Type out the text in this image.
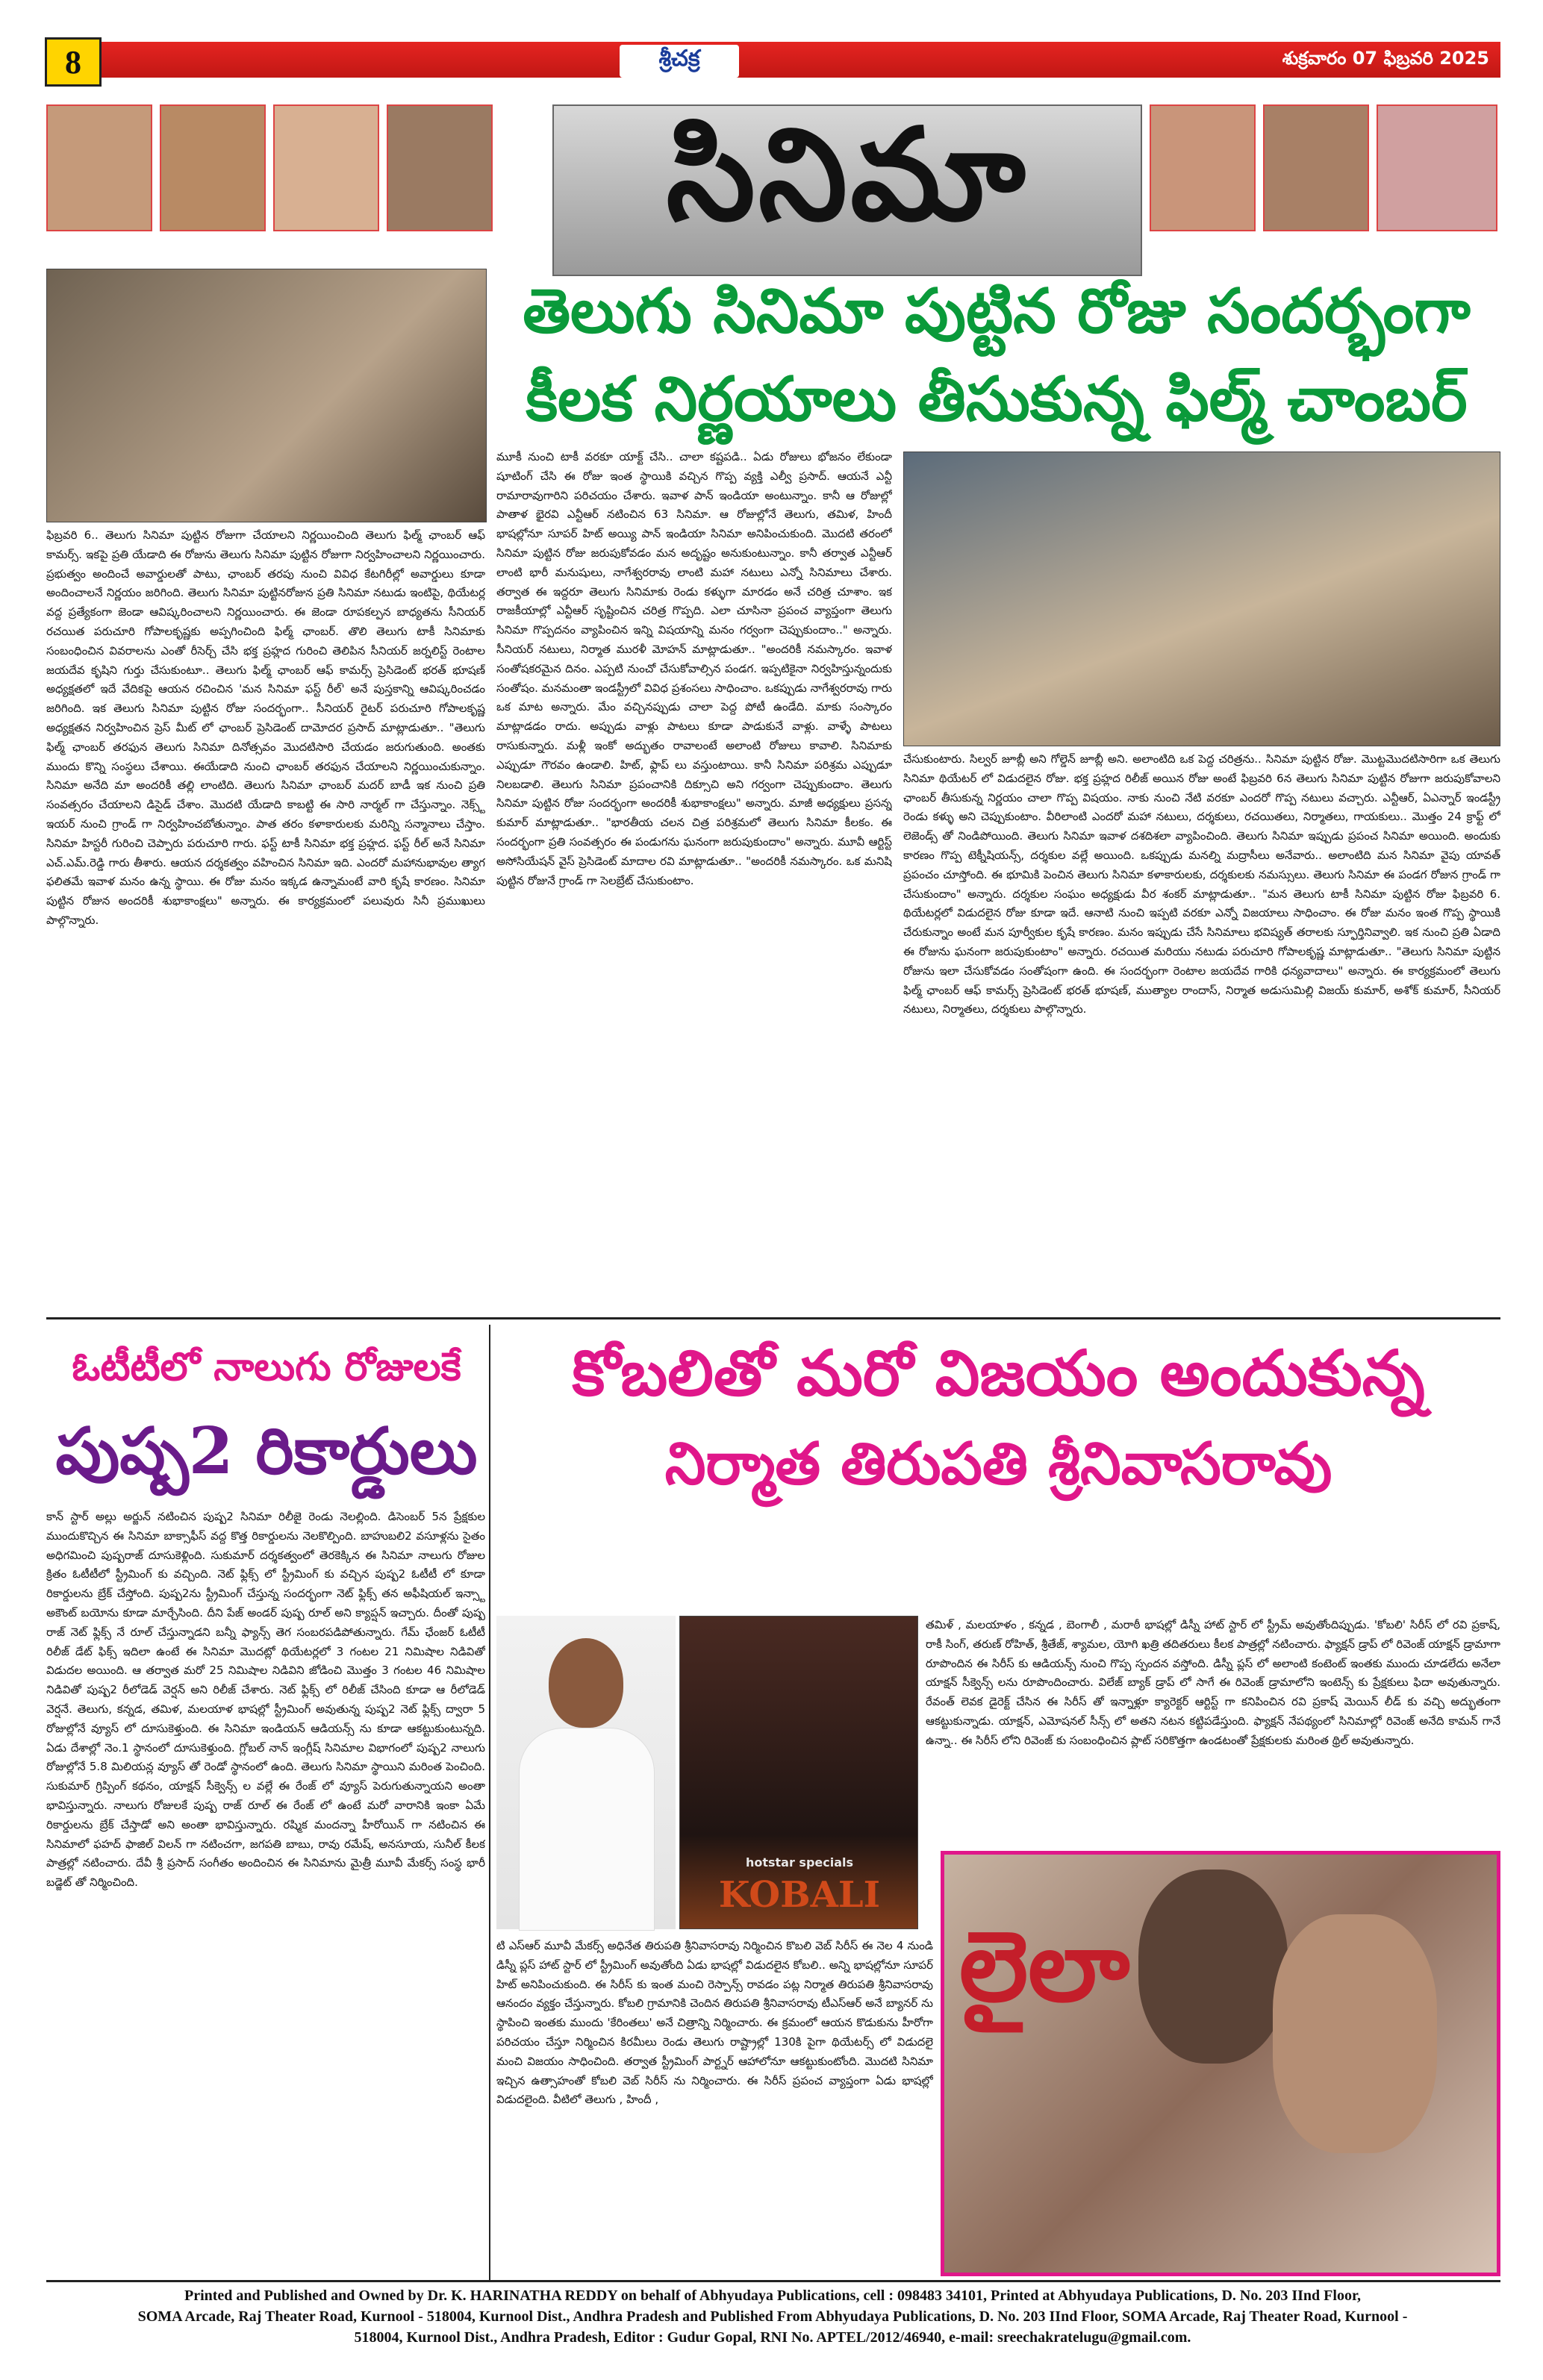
8	శ్రీచక్ర	శుక్రవారం 07 ఫిబ్రవరి 2025
సినిమా
తెలుగు సినిమా పుట్టిన రోజు సందర్భంగా
కీలక నిర్ణయాలు తీసుకున్న ఫిల్మ్ చాంబర్
ఫిబ్రవరి 6.. తెలుగు సినిమా పుట్టిన రోజుగా చేయాలని నిర్ణయించింది తెలుగు ఫిల్మ్ ఛాంబర్ ఆఫ్ కామర్స్. ఇకపై ప్రతి యేడాది ఈ రోజును తెలుగు సినిమా పుట్టిన రోజుగా నిర్వహించాలని నిర్ణయించారు. ప్రభుత్వం అందించే అవార్డులతో పాటు, ఛాంబర్ తరపు నుంచి వివిధ కేటగిరీల్లో అవార్డులు కూడా అందించాలనే నిర్ణయం జరిగింది. తెలుగు సినిమా పుట్టినరోజున ప్రతి సినిమా నటుడు ఇంటిపై, థియేటర్ల వద్ద ప్రత్యేకంగా జెండా ఆవిష్కరించాలని నిర్ణయించారు. ఈ జెండా రూపకల్పన బాధ్యతను సీనియర్ రచయిత పరుచూరి గోపాలకృష్ణకు అప్పగించింది ఫిల్మ్ ఛాంబర్. తొలి తెలుగు టాకీ సినిమాకు సంబంధించిన వివరాలను ఎంతో రీసెర్చ్ చేసి భక్త ప్రహ్లద గురించి తెలిపిన సీనియర్ జర్నలిస్ట్ రెంటాల జయదేవ కృషిని గుర్తు చేసుకుంటూ.. తెలుగు ఫిల్మ్ ఛాంబర్ ఆఫ్ కామర్స్ ప్రెసిడెంట్ భరత్ భూషణ్ అధ్యక్షతలో ఇదే వేదికపై ఆయన రచించిన 'మన సినిమా ఫస్ట్ రీల్' అనే పుస్తకాన్ని ఆవిష్కరించడం జరిగింది. ఇక తెలుగు సినిమా పుట్టిన రోజు సందర్భంగా.. సీనియర్ రైటర్ పరుచూరి గోపాలకృష్ణ అధ్యక్షతన నిర్వహించిన ప్రెస్ మీట్ లో ఛాంబర్ ప్రెసిడెంట్ దామోదర ప్రసాద్ మాట్లాడుతూ.. "తెలుగు ఫిల్మ్ ఛాంబర్ తరఫున తెలుగు సినిమా దినోత్సవం మొదటిసారి చేయడం జరుగుతుంది. అంతకు ముందు కొన్ని సంస్థలు చేశాయి. ఈయేడాది నుంచి ఛాంబర్ తరఫున చేయాలని నిర్ణయించుకున్నాం. సినిమా అనేది మా అందరికీ తల్లి లాంటిది. తెలుగు సినిమా ఛాంబర్ మదర్ బాడీ ఇక నుంచి ప్రతి సంవత్సరం చేయాలని డిసైడ్ చేశాం. మొదటి యేడాది కాబట్టి ఈ సారి నార్మల్ గా చేస్తున్నాం. నెక్స్ట్ ఇయర్ నుంచి గ్రాండ్ గా నిర్వహించబోతున్నాం. పాత తరం కళాకారులకు మరిన్ని సన్మానాలు చేస్తాం. సినిమా హిస్టరీ గురించి చెప్పారు పరుచూరి గారు. ఫస్ట్ టాకీ సినిమా భక్త ప్రహ్లద. ఫస్ట్ రీల్ అనే సినిమా ఎచ్.ఎమ్.రెడ్డి గారు తీశారు. ఆయన దర్శకత్వం వహించిన సినిమా ఇది. ఎందరో మహానుభావుల త్యాగ ఫలితమే ఇవాళ మనం ఉన్న స్థాయి. ఈ రోజు మనం ఇక్కడ ఉన్నామంటే వారి కృషే కారణం. సినిమా పుట్టిన రోజున అందరికీ శుభాకాంక్షలు" అన్నారు. ఈ కార్యక్రమంలో పలువురు సినీ ప్రముఖులు పాల్గొన్నారు.
మూకీ నుంచి టాకీ వరకూ యాక్ట్ చేసి.. చాలా కష్టపడి.. ఏడు రోజులు భోజనం లేకుండా షూటింగ్ చేసి ఈ రోజు ఇంత స్థాయికి వచ్చిన గొప్ప వ్యక్తి ఎల్వీ ప్రసాద్. ఆయనే ఎన్టీ రామారావుగారిని పరిచయం చేశారు. ఇవాళ పాన్ ఇండియా అంటున్నాం. కానీ ఆ రోజుల్లో పాతాళ భైరవి ఎన్టీఆర్ నటించిన 63 సినిమా. ఆ రోజుల్లోనే తెలుగు, తమిళ, హిందీ భాషల్లోనూ సూపర్ హిట్ అయ్యి పాన్ ఇండియా సినిమా అనిపించుకుంది. మొదటి తరంలో సినిమా పుట్టిన రోజు జరుపుకోవడం మన అదృష్టం అనుకుంటున్నాం. కానీ తర్వాత ఎన్టీఆర్ లాంటి భారీ మనుషులు, నాగేశ్వరరావు లాంటి మహా నటులు ఎన్నో సినిమాలు చేశారు. తర్వాత ఈ ఇద్దరూ తెలుగు సినిమాకు రెండు కళ్ళుగా మారడం అనే చరిత్ర చూశాం. ఇక రాజకీయాల్లో ఎన్టీఆర్ సృష్టించిన చరిత్ర గొప్పది. ఎలా చూసినా ప్రపంచ వ్యాప్తంగా తెలుగు సినిమా గొప్పదనం వ్యాపించిన ఇన్ని విషయాన్ని మనం గర్వంగా చెప్పుకుందాం.." అన్నారు. సీనియర్ నటులు, నిర్మాత మురళీ మోహన్ మాట్లాడుతూ.. "అందరికీ నమస్కారం. ఇవాళ సంతోషకరమైన దినం. ఎప్పటి నుంచో చేసుకోవాల్సిన పండగ. ఇప్పటికైనా నిర్వహిస్తున్నందుకు సంతోషం. మనమంతా ఇండస్ట్రీలో వివిధ ప్రశంసలు సాధించాం. ఒకప్పుడు నాగేశ్వరరావు గారు ఒక మాట అన్నారు. మేం వచ్చినప్పుడు చాలా పెద్ద పోటీ ఉండేది. మాకు సంస్కారం మాట్లాడడం రాదు. అప్పుడు వాళ్లు పాటలు కూడా పాడుకునే వాళ్లు. వాళ్ళే పాటలు రాసుకున్నారు. మళ్లీ ఇంకో అద్భుతం రావాలంటే అలాంటి రోజులు కావాలి. సినిమాకు ఎప్పుడూ గౌరవం ఉండాలి. హిట్, ఫ్లాప్ లు వస్తుంటాయి. కానీ సినిమా పరిశ్రమ ఎప్పుడూ నిలబడాలి. తెలుగు సినిమా ప్రపంచానికి దిక్సూచి అని గర్వంగా చెప్పుకుందాం. తెలుగు సినిమా పుట్టిన రోజు సందర్భంగా అందరికీ శుభాకాంక్షలు" అన్నారు. మాజీ అధ్యక్షులు ప్రసన్న కుమార్ మాట్లాడుతూ.. "భారతీయ చలన చిత్ర పరిశ్రమలో తెలుగు సినిమా కీలకం. ఈ సందర్భంగా ప్రతి సంవత్సరం ఈ పండుగను ఘనంగా జరుపుకుందాం" అన్నారు. మూవీ ఆర్టిస్ట్ అసోసియేషన్ వైస్ ప్రెసిడెంట్ మాదాల రవి మాట్లాడుతూ.. "అందరికీ నమస్కారం. ఒక మనిషి పుట్టిన రోజునే గ్రాండ్ గా సెలబ్రేట్ చేసుకుంటాం.
చేసుకుంటారు. సిల్వర్ జూబ్లీ అని గోల్డెన్ జూబ్లీ అని. అలాంటిది ఒక పెద్ద చరిత్రను.. సినిమా పుట్టిన రోజు. మొట్టమొదటిసారిగా ఒక తెలుగు సినిమా థియేటర్ లో విడుదలైన రోజు. భక్త ప్రహ్లద రిలీజ్ అయిన రోజు అంటే ఫిబ్రవరి 6న తెలుగు సినిమా పుట్టిన రోజుగా జరుపుకోవాలని ఛాంబర్ తీసుకున్న నిర్ణయం చాలా గొప్ప విషయం. నాకు నుంచి నేటి వరకూ ఎందరో గొప్ప నటులు వచ్చారు. ఎన్టీఆర్, ఏఎన్నార్ ఇండస్ట్రీ రెండు కళ్ళు అని చెప్పుకుంటాం. వీరిలాంటి ఎందరో మహా నటులు, దర్శకులు, రచయితలు, నిర్మాతలు, గాయకులు.. మొత్తం 24 క్రాఫ్ట్ లో లెజెండ్స్ తో నిండిపోయింది. తెలుగు సినిమా ఇవాళ దశదిశలా వ్యాపించింది. తెలుగు సినిమా ఇప్పుడు ప్రపంచ సినిమా అయింది. అందుకు కారణం గొప్ప టెక్నీషియన్స్, దర్శకుల వల్లే అయింది. ఒకప్పుడు మనల్ని మద్రాసీలు అనేవారు.. అలాంటిది మన సినిమా వైపు యావత్ ప్రపంచం చూస్తోంది. ఈ భూమికి పెంచిన తెలుగు సినిమా కళాకారులకు, దర్శకులకు నమస్సులు. తెలుగు సినిమా ఈ పండగ రోజున గ్రాండ్ గా చేసుకుందాం" అన్నారు. దర్శకుల సంఘం అధ్యక్షుడు వీర శంకర్ మాట్లాడుతూ.. "మన తెలుగు టాకీ సినిమా పుట్టిన రోజు ఫిబ్రవరి 6. థియేటర్లలో విడుదలైన రోజు కూడా ఇదే. ఆనాటి నుంచి ఇప్పటి వరకూ ఎన్నో విజయాలు సాధించాం. ఈ రోజు మనం ఇంత గొప్ప స్థాయికి చేరుకున్నాం అంటే మన పూర్వీకుల కృషే కారణం. మనం ఇప్పుడు చేసే సినిమాలు భవిష్యత్ తరాలకు స్ఫూర్తినివ్వాలి. ఇక నుంచి ప్రతి ఏడాది ఈ రోజును ఘనంగా జరుపుకుంటాం" అన్నారు. రచయిత మరియు నటుడు పరుచూరి గోపాలకృష్ణ మాట్లాడుతూ.. "తెలుగు సినిమా పుట్టిన రోజును ఇలా చేసుకోవడం సంతోషంగా ఉంది. ఈ సందర్భంగా రెంటాల జయదేవ గారికి ధన్యవాదాలు" అన్నారు. ఈ కార్యక్రమంలో తెలుగు ఫిల్మ్ ఛాంబర్ ఆఫ్ కామర్స్ ప్రెసిడెంట్ భరత్ భూషణ్, ముత్యాల రాందాస్, నిర్మాత అడుసుమిల్లి విజయ్ కుమార్, అశోక్ కుమార్, సీనియర్ నటులు, నిర్మాతలు, దర్శకులు పాల్గొన్నారు.
ఓటీటీలో నాలుగు రోజులకే
పుష్ప2 రికార్డులు
కాన్ స్టార్ అల్లు అర్జున్ నటించిన పుష్ప2 సినిమా రిలీజై రెండు నెలల్లింది. డిసెంబర్ 5న ప్రేక్షకుల ముందుకొచ్చిన ఈ సినిమా బాక్సాఫీస్ వద్ద కొత్త రికార్డులను నెలకొల్పింది. బాహుబలి2 వసూళ్లను సైతం అధిగమించి పుష్పరాజ్ దూసుకెళ్లింది. సుకుమార్ దర్శకత్వంలో తెరకెక్కిన ఈ సినిమా నాలుగు రోజుల క్రితం ఓటీటీలో స్ట్రీమింగ్ కు వచ్చింది. నెట్ ఫ్లిక్స్ లో స్ట్రీమింగ్ కు వచ్చిన పుష్ప2 ఓటీటీ లో కూడా రికార్డులను బ్రేక్ చేస్తోంది. పుష్ప2ను స్ట్రీమింగ్ చేస్తున్న సందర్భంగా నెట్ ఫ్లిక్స్ తన అఫీషియల్ ఇన్స్టా అకౌంట్ బయోను కూడా మార్చేసింది. దీని పేజ్ అండర్ పుష్ప రూల్ అని క్యాప్షన్ ఇచ్చారు. దీంతో పుష్ప రాజ్ నెట్ ఫ్లిక్స్ నే రూల్ చేస్తున్నాడని బన్నీ ఫ్యాన్స్ తెగ సంబరపడిపోతున్నారు. గేమ్ ఛేంజర్ ఓటీటీ రిలీజ్ డేట్ ఫిక్స్ ఇదిలా ఉంటే ఈ సినిమా మొదట్లో థియేటర్లలో 3 గంటల 21 నిమిషాల నిడివితో విడుదల అయింది. ఆ తర్వాత మరో 25 నిమిషాల నిడివిని జోడించి మొత్తం 3 గంటల 46 నిమిషాల నిడివితో పుష్ప2 రీలోడెడ్ వెర్షన్ అని రిలీజ్ చేశారు. నెట్ ఫ్లిక్స్ లో రిలీజ్ చేసింది కూడా ఆ రీలోడెడ్ వెర్షనే. తెలుగు, కన్నడ, తమిళ, మలయాళ భాషల్లో స్ట్రీమింగ్ అవుతున్న పుష్ప2 నెట్ ఫ్లిక్స్ ద్వారా 5 రోజుల్లోనే వ్యూస్ లో దూసుకెళ్తుంది. ఈ సినిమా ఇండియన్ ఆడియన్స్ ను కూడా ఆకట్టుకుంటున్నది. ఏడు దేశాల్లో నెం.1 స్థానంలో దూసుకెళ్తుంది. గ్లోబల్ నాన్ ఇంగ్లీష్ సినిమాల విభాగంలో పుష్ప2 నాలుగు రోజుల్లోనే 5.8 మిలియన్ల వ్యూస్ తో రెండో స్థానంలో ఉంది. తెలుగు సినిమా స్థాయిని మరింత పెంచింది. సుకుమార్ గ్రిప్పింగ్ కథనం, యాక్షన్ సీక్వెన్స్ ల వల్లే ఈ రేంజ్ లో వ్యూస్ పెరుగుతున్నాయని అంతా భావిస్తున్నారు. నాలుగు రోజులకే పుష్ప రాజ్ రూల్ ఈ రేంజ్ లో ఉంటే మరో వారానికి ఇంకా ఏమే రికార్డులను బ్రేక్ చేస్తాడో అని అంతా భావిస్తున్నారు. రష్మిక మందన్నా హీరోయిన్ గా నటించిన ఈ సినిమాలో ఫహద్ ఫాజిల్ విలన్ గా నటించగా, జగపతి బాబు, రావు రమేష్, అనసూయ, సునీల్ కీలక పాత్రల్లో నటించారు. దేవీ శ్రీ ప్రసాద్ సంగీతం అందించిన ఈ సినిమాను మైత్రీ మూవీ మేకర్స్ సంస్థ భారీ బడ్జెట్ తో నిర్మించింది.
కోబలితో మరో విజయం అందుకున్న
నిర్మాత తిరుపతి శ్రీనివాసరావు
hotstar specials
KOBALI
తమిళ్ , మలయాళం , కన్నడ , బెంగాలీ , మరాఠీ భాషల్లో డిస్నీ హాట్ స్టార్ లో స్ట్రీమ్ అవుతోందిప్పుడు. 'కోబలి' సిరీస్ లో రవి ప్రకాష్, రాకీ సింగ్, తరుణ్ రోహిత్, శ్రీతేజ్, శ్యామల, యోగి ఖత్రి తదితరులు కీలక పాత్రల్లో నటించారు. ఫ్యాక్షన్ డ్రాప్ లో రివెంజ్ యాక్షన్ డ్రామాగా రూపొందిన ఈ సిరీస్ కు ఆడియన్స్ నుంచి గొప్ప స్పందన వస్తోంది. డిస్నీ ప్లస్ లో అలాంటి కంటెంట్ ఇంతకు ముందు చూడలేదు అనేలా యాక్షన్ సీక్వెన్స్ లను రూపొందించారు. విలేజ్ బ్యాక్ డ్రాప్ లో సాగే ఈ రివెంజ్ డ్రామాలోని ఇంటెన్స్ కు ప్రేక్షకులు ఫిదా అవుతున్నారు. రేవంత్ లెవక డైరెక్ట్ చేసిన ఈ సిరీస్ తో ఇన్నాళ్లూ క్యారెక్టర్ ఆర్టిస్ట్ గా కనిపించిన రవి ప్రకాష్ మెయిన్ లీడ్ కు వచ్చి అద్భుతంగా ఆకట్టుకున్నాడు. యాక్షన్, ఎమోషనల్ సీన్స్ లో అతని నటన కట్టిపడేస్తుంది. ఫ్యాక్షన్ నేపథ్యంలో సినిమాల్లో రివెంజ్ అనేది కామన్ గానే ఉన్నా.. ఈ సిరీస్ లోని రివెంజ్ కు సంబంధించిన ప్లాట్ సరికొత్తగా ఉండటంతో ప్రేక్షకులకు మరింత థ్రిల్ అవుతున్నారు.
టి ఎస్ఆర్ మూవీ మేకర్స్ అధినేత తిరుపతి శ్రీనివాసరావు నిర్మించిన కొబలి వెబ్ సిరీస్ ఈ నెల 4 నుండి డిస్నీ ప్లస్ హాట్ స్టార్ లో స్ట్రీమింగ్ అవుతోంది ఏడు భాషల్లో విడుదలైన కోబలి.. అన్ని భాషల్లోనూ సూపర్ హిట్ అనిపించుకుంది. ఈ సిరీస్ కు ఇంత మంచి రెస్పాన్స్ రావడం పట్ల నిర్మాత తిరుపతి శ్రీనివాసరావు ఆనందం వ్యక్తం చేస్తున్నారు. కోబలి గ్రామానికి చెందిన తిరుపతి శ్రీనివాసరావు టీఎస్ఆర్ అనే బ్యానర్ ను స్థాపించి ఇంతకు ముందు 'కేరింతలు' అనే చిత్రాన్ని నిర్మించారు. ఈ క్రమంలో ఆయన కొడుకును హీరోగా పరిచయం చేస్తూ నిర్మించిన కిరమీలు రెండు తెలుగు రాష్ట్రాల్లో 130కి పైగా థియేటర్స్ లో విడుదలై మంచి విజయం సాధించింది. తర్వాత స్ట్రీమింగ్ పార్ట్నర్ ఆహాలోనూ ఆకట్టుకుంటోంది. మొదటి సినిమా ఇచ్చిన ఉత్సాహంతో కోబలి వెబ్ సిరీస్ ను నిర్మించారు. ఈ సిరీస్ ప్రపంచ వ్యాప్తంగా ఏడు భాషల్లో విడుదలైంది. వీటిలో తెలుగు , హిందీ ,
లైలా
Printed and Published and Owned by Dr. K. HARINATHA REDDY on behalf of Abhyudaya Publications, cell : 098483 34101, Printed at Abhyudaya Publications, D. No. 203 IInd Floor,
SOMA Arcade, Raj Theater Road, Kurnool - 518004, Kurnool Dist., Andhra Pradesh and Published From Abhyudaya Publications, D. No. 203 IInd Floor, SOMA Arcade, Raj Theater Road, Kurnool -
518004, Kurnool Dist., Andhra Pradesh, Editor : Gudur Gopal, RNI No. APTEL/2012/46940, e-mail: sreechakratelugu@gmail.com.
